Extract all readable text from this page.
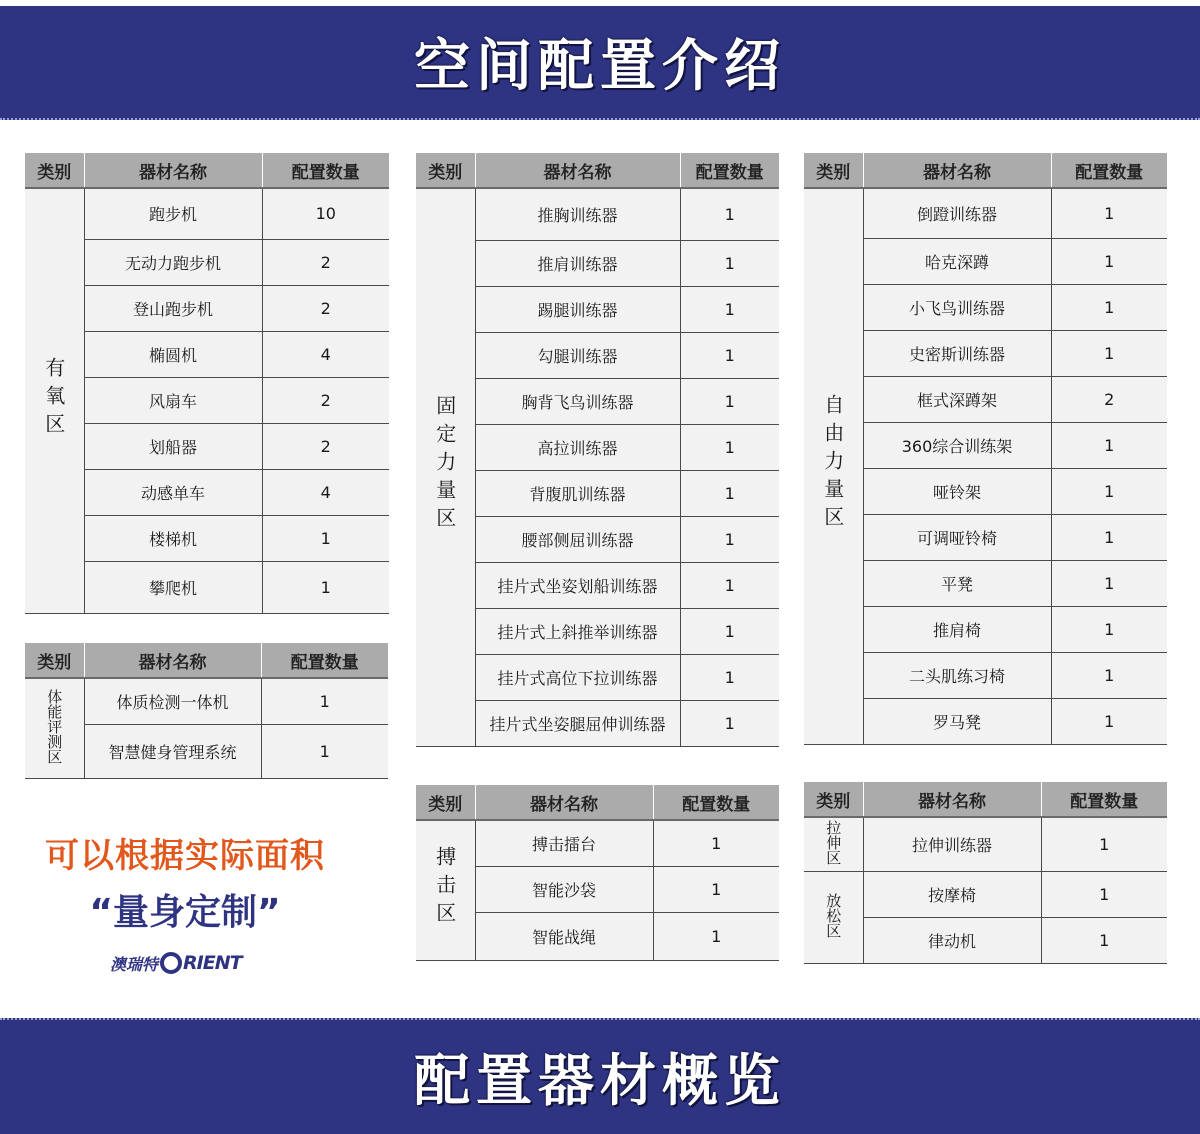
空间配置介绍
类别	器材名称	配置数量
有氧区	跑步机	10
	无动力跑步机	2
	登山跑步机	2
	椭圆机	4
	风扇车	2
	划船器	2
	动感单车	4
	楼梯机	1
	攀爬机	1
类别	器材名称	配置数量
体能评测区	体质检测一体机	1
	智慧健身管理系统	1
类别	器材名称	配置数量
固定力量区	推胸训练器	1
	推肩训练器	1
	踢腿训练器	1
	勾腿训练器	1
	胸背飞鸟训练器	1
	高拉训练器	1
	背腹肌训练器	1
	腰部侧屈训练器	1
	挂片式坐姿划船训练器	1
	挂片式上斜推举训练器	1
	挂片式高位下拉训练器	1
	挂片式坐姿腿屈伸训练器	1
类别	器材名称	配置数量
搏击区	搏击擂台	1
	智能沙袋	1
	智能战绳	1
类别	器材名称	配置数量
自由力量区	倒蹬训练器	1
	哈克深蹲	1
	小飞鸟训练器	1
	史密斯训练器	1
	框式深蹲架	2
	360综合训练架	1
	哑铃架	1
	可调哑铃椅	1
	平凳	1
	推肩椅	1
	二头肌练习椅	1
	罗马凳	1
类别	器材名称	配置数量
拉伸区	拉伸训练器	1
放松区	按摩椅	1
	律动机	1
可以根据实际面积
“量身定制”
澳瑞特 RIENT
配置器材概览
